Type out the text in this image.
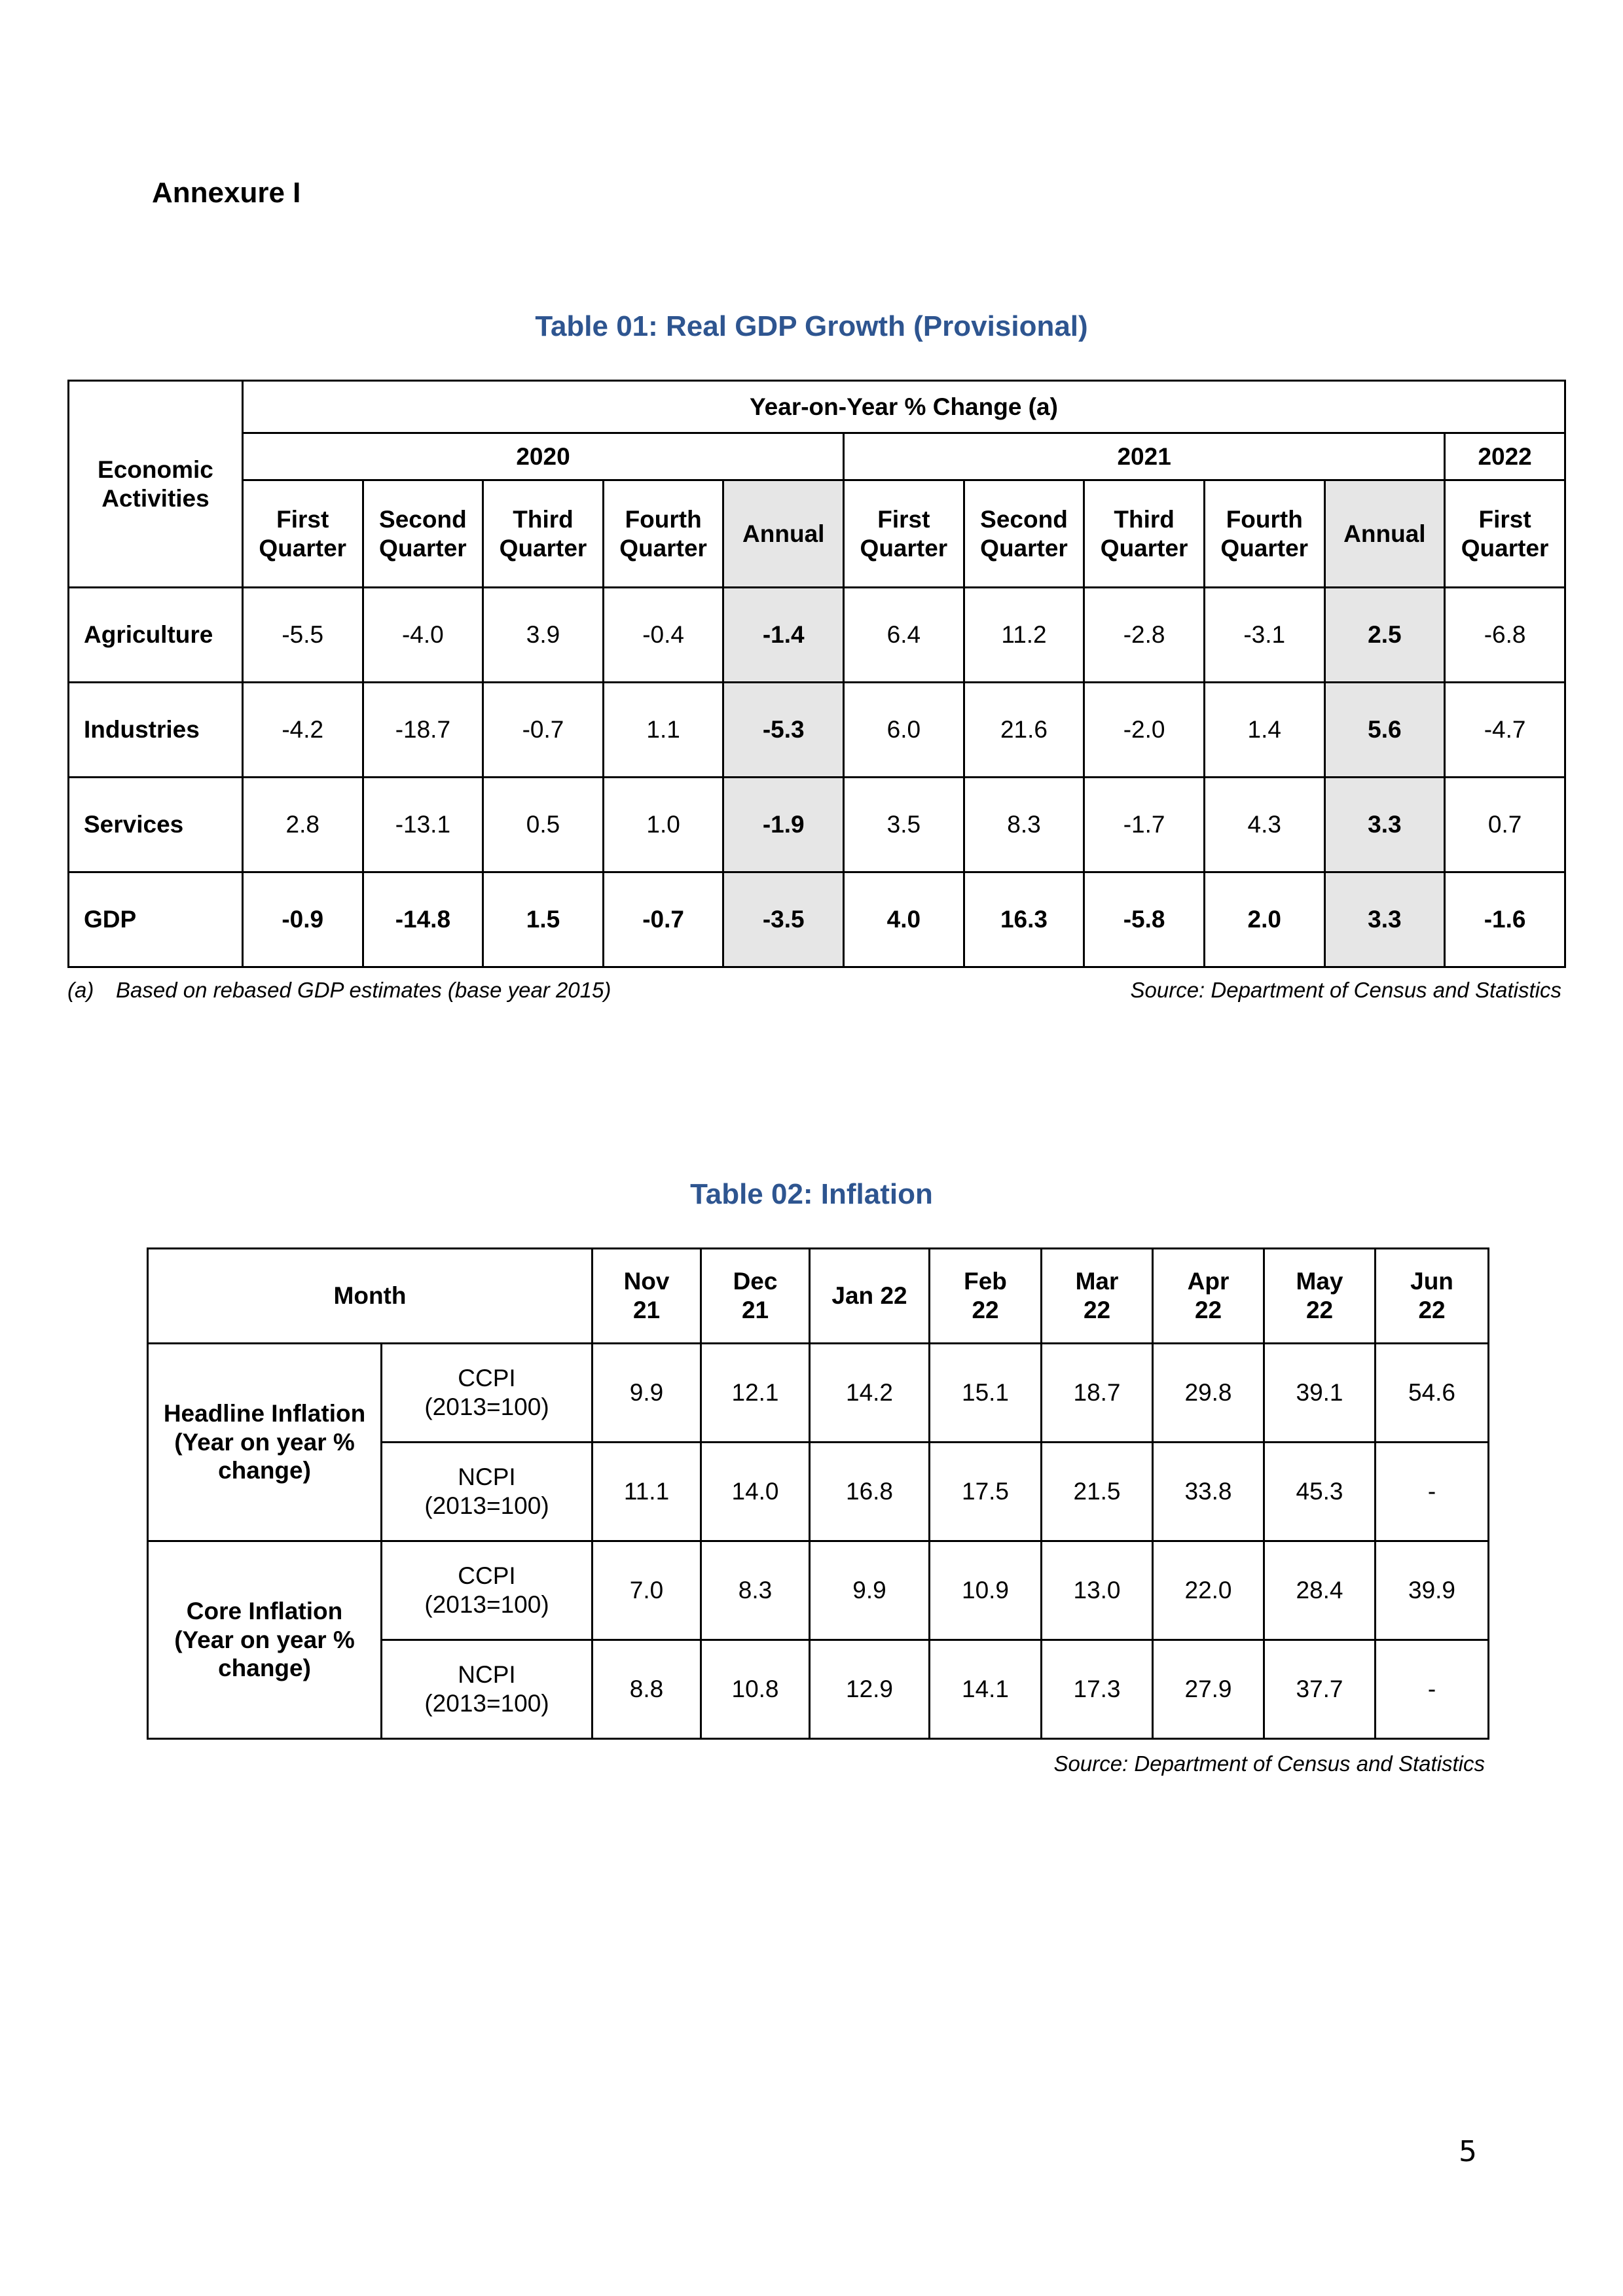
Annexure I
Table 01: Real GDP Growth (Provisional)
Economic Activities	Year-on-Year % Change (a)										
	2020					2021					2022
	First Quarter	Second Quarter	Third Quarter	Fourth Quarter	Annual	First Quarter	Second Quarter	Third Quarter	Fourth Quarter	Annual	First Quarter
Agriculture	-5.5	-4.0	3.9	-0.4	-1.4	6.4	11.2	-2.8	-3.1	2.5	-6.8
Industries	-4.2	-18.7	-0.7	1.1	-5.3	6.0	21.6	-2.0	1.4	5.6	-4.7
Services	2.8	-13.1	0.5	1.0	-1.9	3.5	8.3	-1.7	4.3	3.3	0.7
GDP	-0.9	-14.8	1.5	-0.7	-3.5	4.0	16.3	-5.8	2.0	3.3	-1.6
(a) Based on rebased GDP estimates (base year 2015)	Source: Department of Census and Statistics
Table 02: Inflation
Month		Nov 21	Dec 21	Jan 22	Feb 22	Mar 22	Apr 22	May 22	Jun 22
Headline Inflation (Year on year % change)	CCPI (2013=100)	9.9	12.1	14.2	15.1	18.7	29.8	39.1	54.6
	NCPI (2013=100)	11.1	14.0	16.8	17.5	21.5	33.8	45.3	-
Core Inflation (Year on year % change)	CCPI (2013=100)	7.0	8.3	9.9	10.9	13.0	22.0	28.4	39.9
	NCPI (2013=100)	8.8	10.8	12.9	14.1	17.3	27.9	37.7	-
Source: Department of Census and Statistics
5
